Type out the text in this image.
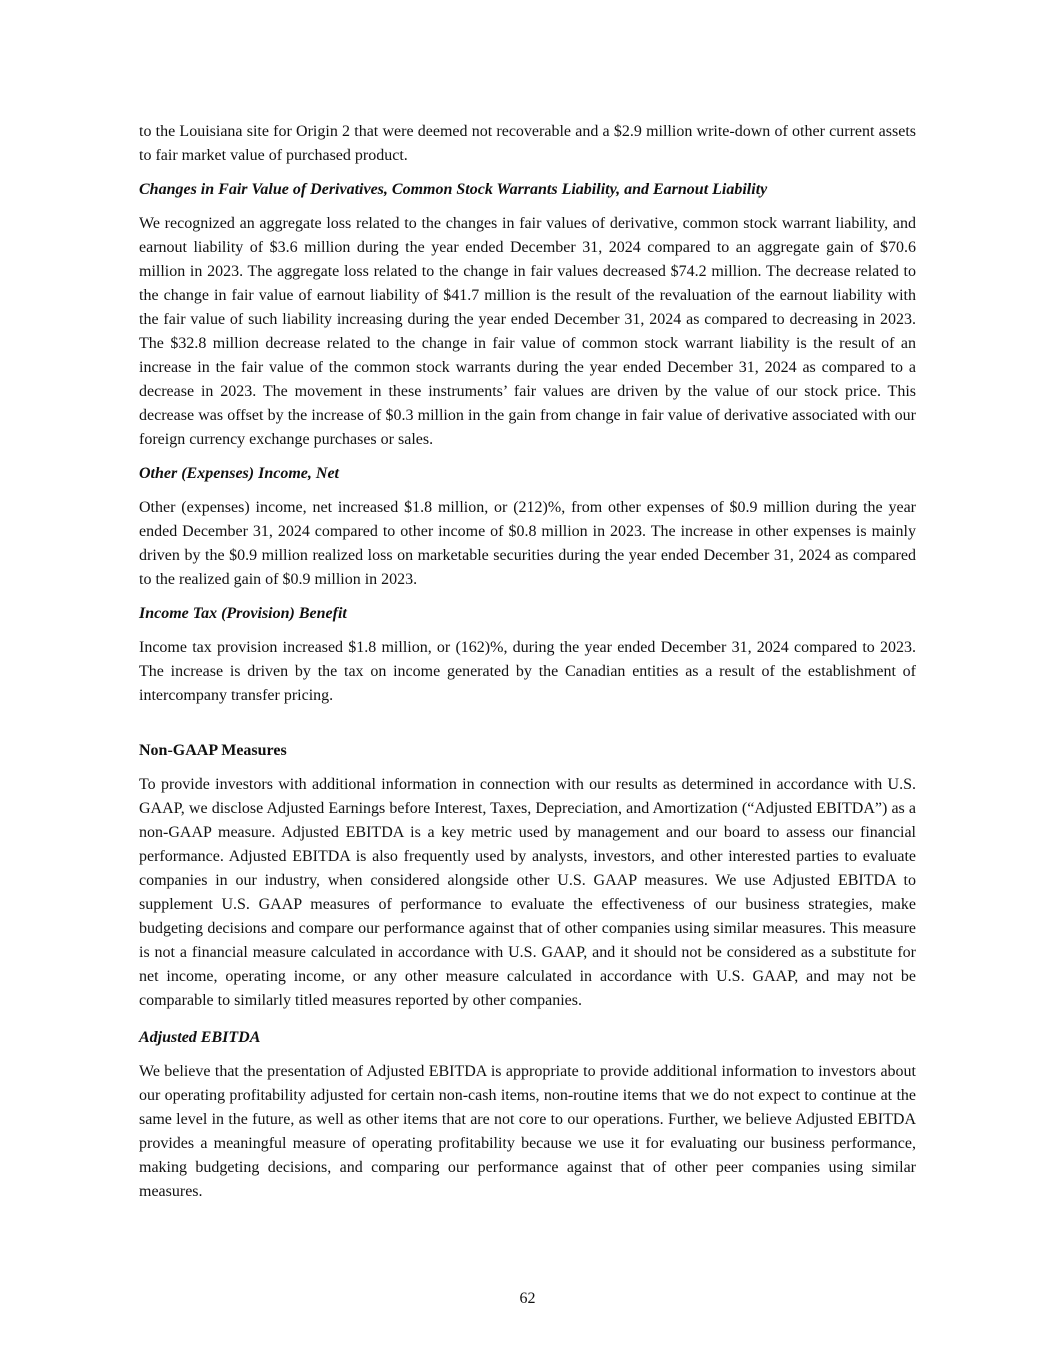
to the Louisiana site for Origin 2 that were deemed not recoverable and a $2.9 million write-down of other current assets to fair market value of purchased product.

Changes in Fair Value of Derivatives, Common Stock Warrants Liability, and Earnout Liability

We recognized an aggregate loss related to the changes in fair values of derivative, common stock warrant liability, and earnout liability of $3.6 million during the year ended December 31, 2024 compared to an aggregate gain of $70.6 million in 2023. The aggregate loss related to the change in fair values decreased $74.2 million. The decrease related to the change in fair value of earnout liability of $41.7 million is the result of the revaluation of the earnout liability with the fair value of such liability increasing during the year ended December 31, 2024 as compared to decreasing in 2023. The $32.8 million decrease related to the change in fair value of common stock warrant liability is the result of an increase in the fair value of the common stock warrants during the year ended December 31, 2024 as compared to a decrease in 2023. The movement in these instruments’ fair values are driven by the value of our stock price. This decrease was offset by the increase of $0.3 million in the gain from change in fair value of derivative associated with our foreign currency exchange purchases or sales.

Other (Expenses) Income, Net

Other (expenses) income, net increased $1.8 million, or (212)%, from other expenses of $0.9 million during the year ended December 31, 2024 compared to other income of $0.8 million in 2023. The increase in other expenses is mainly driven by the $0.9 million realized loss on marketable securities during the year ended December 31, 2024 as compared to the realized gain of $0.9 million in 2023.

Income Tax (Provision) Benefit

Income tax provision increased $1.8 million, or (162)%, during the year ended December 31, 2024 compared to 2023. The increase is driven by the tax on income generated by the Canadian entities as a result of the establishment of intercompany transfer pricing.

Non-GAAP Measures

To provide investors with additional information in connection with our results as determined in accordance with U.S. GAAP, we disclose Adjusted Earnings before Interest, Taxes, Depreciation, and Amortization (“Adjusted EBITDA”) as a non-GAAP measure. Adjusted EBITDA is a key metric used by management and our board to assess our financial performance. Adjusted EBITDA is also frequently used by analysts, investors, and other interested parties to evaluate companies in our industry, when considered alongside other U.S. GAAP measures. We use Adjusted EBITDA to supplement U.S. GAAP measures of performance to evaluate the effectiveness of our business strategies, make budgeting decisions and compare our performance against that of other companies using similar measures. This measure is not a financial measure calculated in accordance with U.S. GAAP, and it should not be considered as a substitute for net income, operating income, or any other measure calculated in accordance with U.S. GAAP, and may not be comparable to similarly titled measures reported by other companies.

Adjusted EBITDA

We believe that the presentation of Adjusted EBITDA is appropriate to provide additional information to investors about our operating profitability adjusted for certain non-cash items, non-routine items that we do not expect to continue at the same level in the future, as well as other items that are not core to our operations. Further, we believe Adjusted EBITDA provides a meaningful measure of operating profitability because we use it for evaluating our business performance, making budgeting decisions, and comparing our performance against that of other peer companies using similar measures.

62
